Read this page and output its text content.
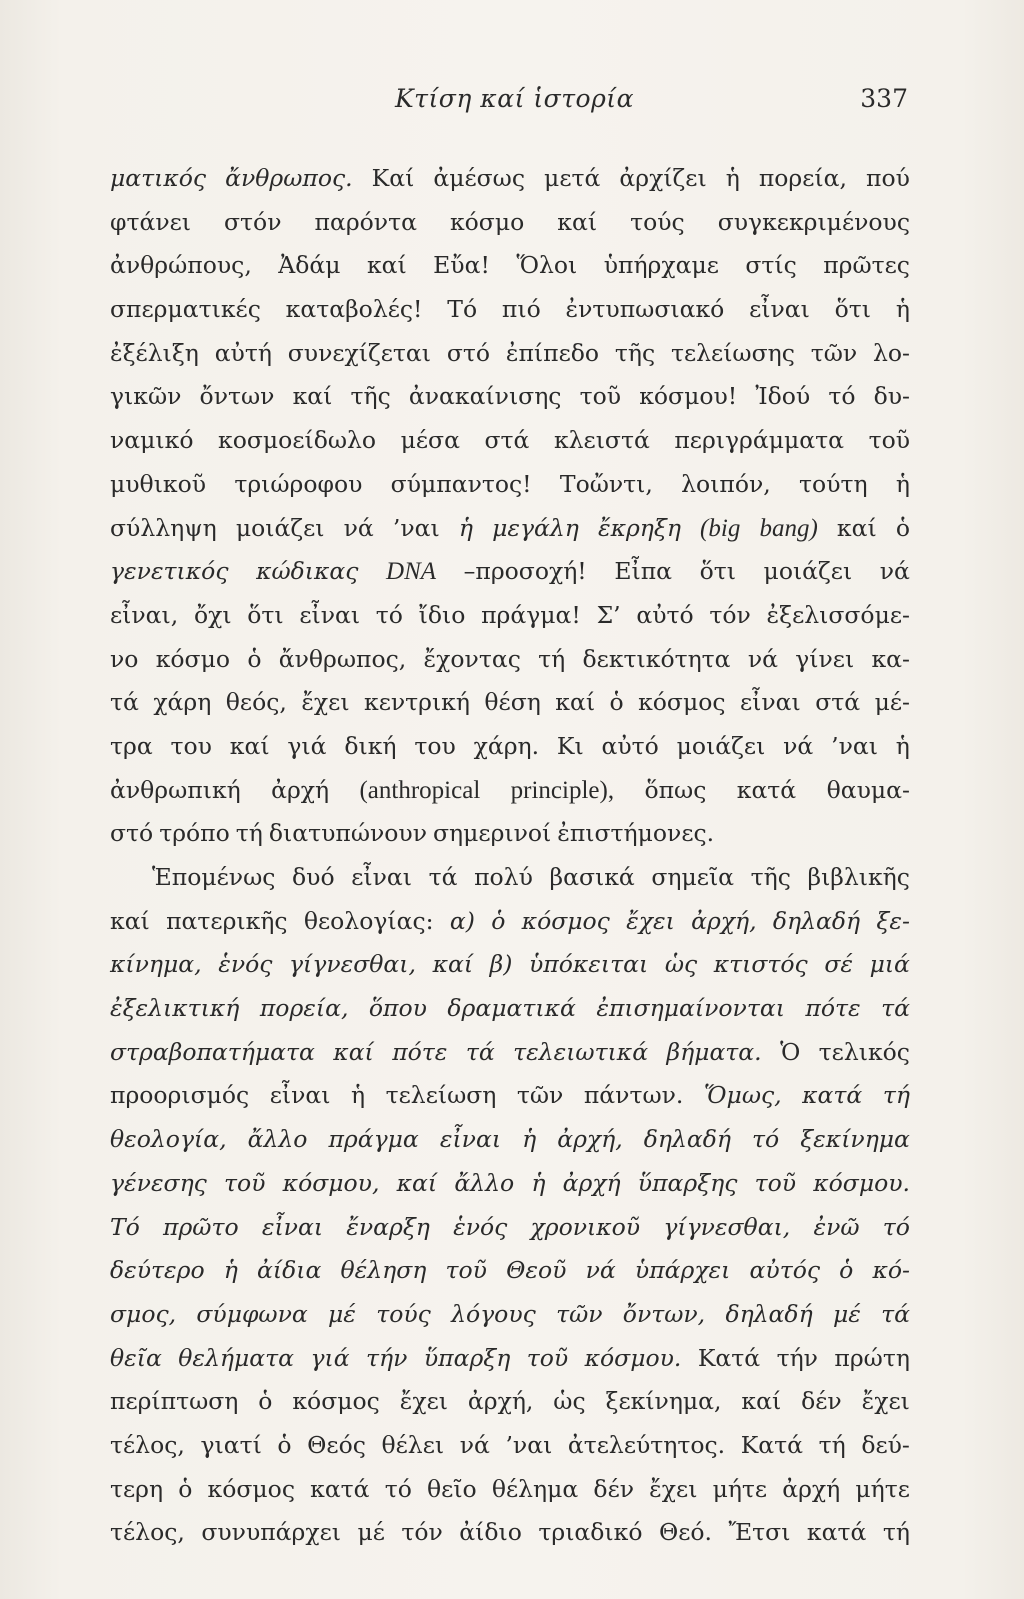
Κτίση καί ἱστορία	337
ματικός ἄνθρωπος. Καί ἀμέσως μετά ἀρχίζει ἡ πορεία, πού
φτάνει στόν παρόντα κόσμο καί τούς συγκεκριμένους
ἀνθρώπους, Ἀδάμ καί Εὔα! Ὅλοι ὑπήρχαμε στίς πρῶτες
σπερματικές καταβολές! Τό πιό ἐντυπωσιακό εἶναι ὅτι ἡ
ἐξέλιξη αὐτή συνεχίζεται στό ἐπίπεδο τῆς τελείωσης τῶν λο-
γικῶν ὄντων καί τῆς ἀνακαίνισης τοῦ κόσμου! Ἰδού τό δυ-
ναμικό κοσμοείδωλο μέσα στά κλειστά περιγράμματα τοῦ
μυθικοῦ τριώροφου σύμπαντος! Τοὤντι, λοιπόν, τούτη ἡ
σύλληψη μοιάζει νά ’ναι ἡ μεγάλη ἔκρηξη (big bang) καί ὁ
γενετικός κώδικας DNA –προσοχή! Εἶπα ὅτι μοιάζει νά
εἶναι, ὄχι ὅτι εἶναι τό ἴδιο πράγμα! Σ’ αὐτό τόν ἐξελισσόμε-
νο κόσμο ὁ ἄνθρωπος, ἔχοντας τή δεκτικότητα νά γίνει κα-
τά χάρη θεός, ἔχει κεντρική θέση καί ὁ κόσμος εἶναι στά μέ-
τρα του καί γιά δική του χάρη. Κι αὐτό μοιάζει νά ’ναι ἡ
ἀνθρωπική ἀρχή (anthropical principle), ὅπως κατά θαυμα-
στό τρόπο τή διατυπώνουν σημερινοί ἐπιστήμονες.
Ἑπομένως δυό εἶναι τά πολύ βασικά σημεῖα τῆς βιβλικῆς
καί πατερικῆς θεολογίας: α) ὁ κόσμος ἔχει ἀρχή, δηλαδή ξε-
κίνημα, ἑνός γίγνεσθαι, καί β) ὑπόκειται ὡς κτιστός σέ μιά
ἐξελικτική πορεία, ὅπου δραματικά ἐπισημαίνονται πότε τά
στραβοπατήματα καί πότε τά τελειωτικά βήματα. Ὁ τελικός
προορισμός εἶναι ἡ τελείωση τῶν πάντων. Ὅμως, κατά τή
θεολογία, ἄλλο πράγμα εἶναι ἡ ἀρχή, δηλαδή τό ξεκίνημα
γένεσης τοῦ κόσμου, καί ἄλλο ἡ ἀρχή ὕπαρξης τοῦ κόσμου.
Τό πρῶτο εἶναι ἔναρξη ἑνός χρονικοῦ γίγνεσθαι, ἐνῶ τό
δεύτερο ἡ ἀίδια θέληση τοῦ Θεοῦ νά ὑπάρχει αὐτός ὁ κό-
σμος, σύμφωνα μέ τούς λόγους τῶν ὄντων, δηλαδή μέ τά
θεῖα θελήματα γιά τήν ὕπαρξη τοῦ κόσμου. Κατά τήν πρώτη
περίπτωση ὁ κόσμος ἔχει ἀρχή, ὡς ξεκίνημα, καί δέν ἔχει
τέλος, γιατί ὁ Θεός θέλει νά ’ναι ἀτελεύτητος. Κατά τή δεύ-
τερη ὁ κόσμος κατά τό θεῖο θέλημα δέν ἔχει μήτε ἀρχή μήτε
τέλος, συνυπάρχει μέ τόν ἀίδιο τριαδικό Θεό. Ἔτσι κατά τή
